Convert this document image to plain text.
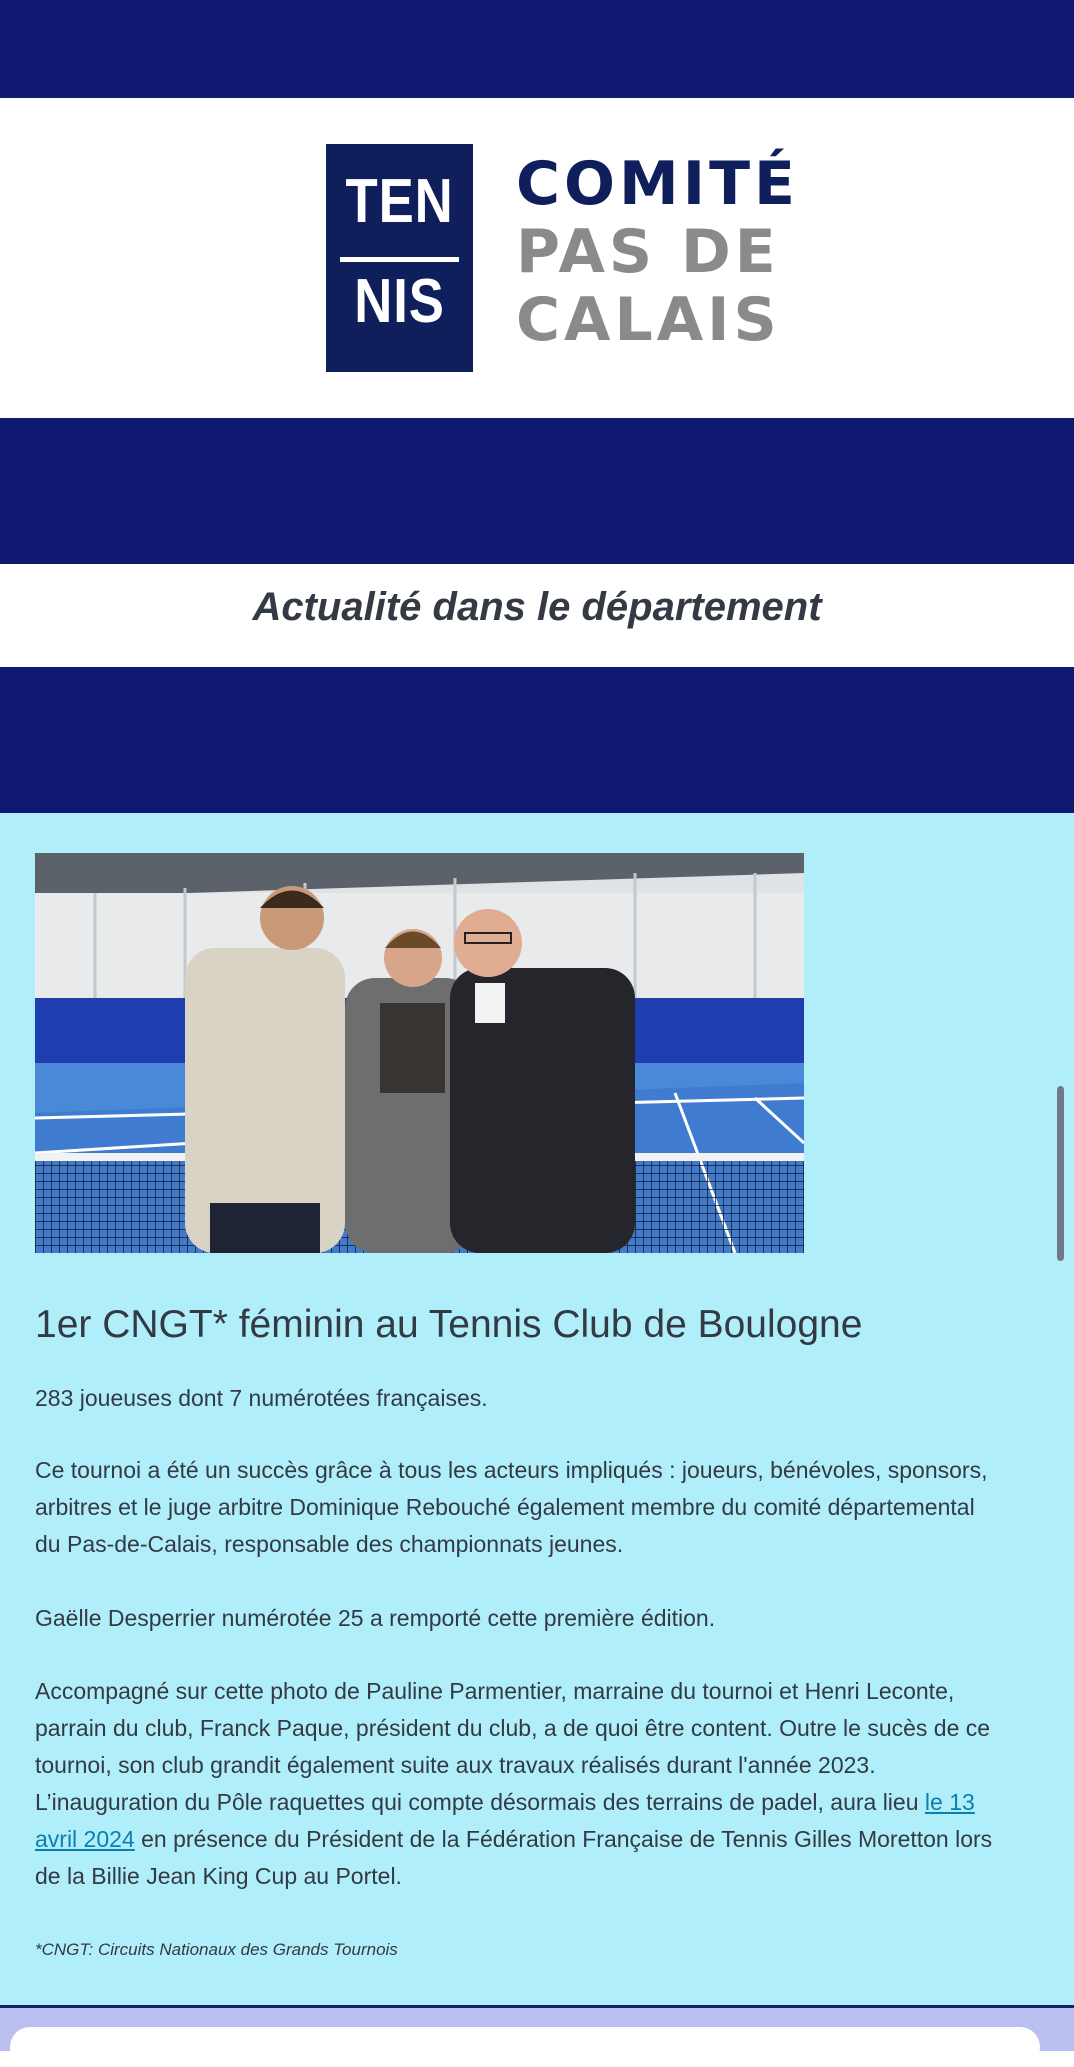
TEN
NIS
COMITÉ
PAS DE
CALAIS
Actualité dans le département
1er CNGT* féminin au Tennis Club de Boulogne
283 joueuses dont 7 numérotées françaises.
Ce tournoi a été un succès grâce à tous les acteurs impliqués : joueurs, bénévoles, sponsors,
arbitres et le juge arbitre Dominique Rebouché également membre du comité départemental
du Pas-de-Calais, responsable des championnats jeunes.
Gaëlle Desperrier numérotée 25 a remporté cette première édition.
Accompagné sur cette photo de Pauline Parmentier, marraine du tournoi et Henri Leconte,
parrain du club, Franck Paque, président du club, a de quoi être content. Outre le sucès de ce
tournoi, son club grandit également suite aux travaux réalisés durant l'année 2023.
L’inauguration du Pôle raquettes qui compte désormais des terrains de padel, aura lieu le 13
avril 2024 en présence du Président de la Fédération Française de Tennis Gilles Moretton lors
de la Billie Jean King Cup au Portel.
*CNGT: Circuits Nationaux des Grands Tournois
